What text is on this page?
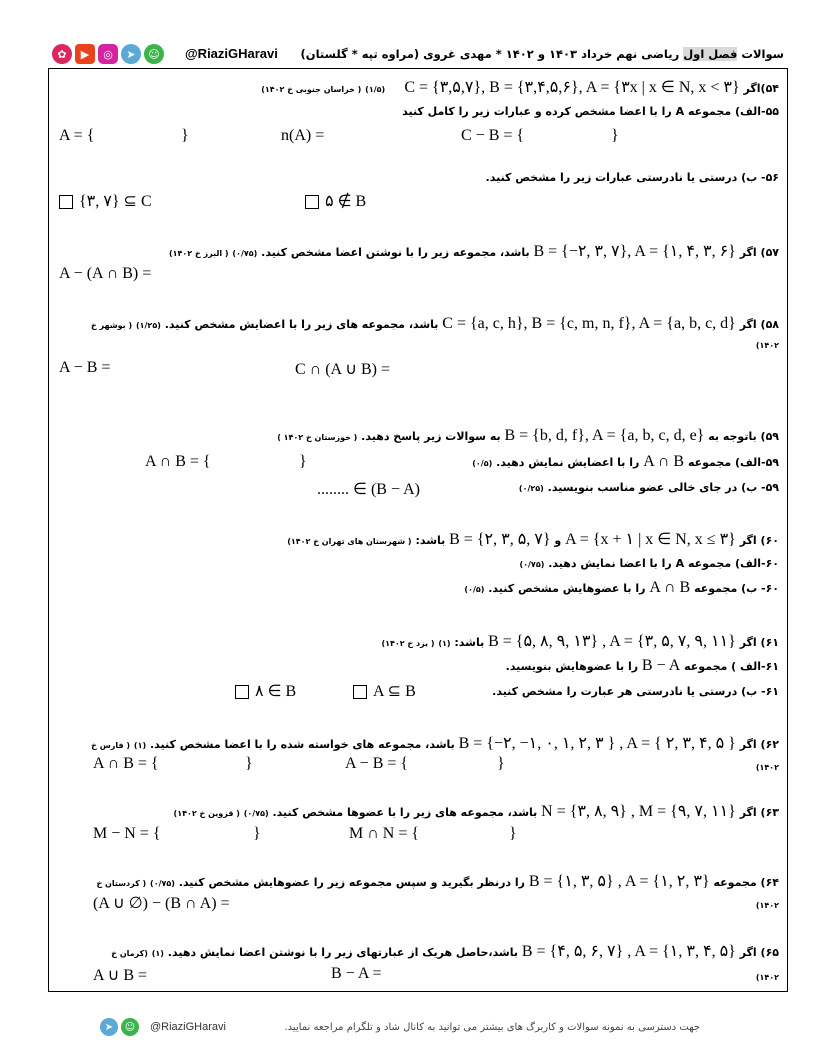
✿	▶	◎	➤	☺	@RiaziGHaravi	سوالات فصل اول ریاضی نهم خرداد ۱۴۰۳ و ۱۴۰۲ * مهدی غروی (مراوه تپه * گلستان)
۵۴)اگر C = {۳,۵,۷}, B = {۳,۴,۵,۶}, A = {۳x | x ∈ N, x < ۳}     (۱/۵) ( خراسان جنوبی خ ۱۴۰۲)
۵۵-الف) مجموعه A را با اعضا مشخص کرده و عبارات زیر را کامل کنید
A = {	}	n(A) =	C − B = {	}
۵۶- ب) درستی یا نادرستی عبارات زیر را مشخص کنید.
{۳, ۷} ⊆ C	۵ ∉ B
۵۷) اگر B = {−۲, ۳, ۷}, A = {۱, ۴, ۳, ۶} باشد، مجموعه زیر را با نوشتن اعضا مشخص کنید. (۰/۷۵) ( البرز خ ۱۴۰۲)
A − (A ∩ B) =
۵۸) اگر C = {a, c, h}, B = {c, m, n, f}, A = {a, b, c, d} باشد، مجموعه های زیر را با اعضایش مشخص کنید. (۱/۲۵) ( بوشهر خ
۱۴۰۲)
A − B =	C ∩ (A ∪ B) =
۵۹) باتوجه به B = {b, d, f}, A = {a, b, c, d, e} به سوالات زیر پاسخ دهید. ( خوزستان خ ۱۴۰۲ )
۵۹-الف) مجموعه A ∩ B را با اعضایش نمایش دهید. (۰/۵)
A ∩ B = {	}
۵۹- ب) در جای خالی عضو مناسب بنویسید. (۰/۲۵)
........ ∈ (B − A)
۶۰) اگر A = {x + ۱ | x ∈ N, x ≤ ۳} و B = {۲, ۳, ۵, ۷} باشد: ( شهرستان های تهران خ ۱۴۰۲)
۶۰-الف) مجموعه A را با اعضا نمایش دهید. (۰/۷۵)
۶۰- ب) مجموعه A ∩ B را با عضوهایش مشخص کنید. (۰/۵)
۶۱) اگر B = {۵, ۸, ۹, ۱۳} , A = {۳, ۵, ۷, ۹, ۱۱} باشد: (۱) ( یزد خ ۱۴۰۲)
۶۱-الف ) مجموعه B − A را با عضوهایش بنویسید.
۶۱- ب) درستی یا نادرستی هر عبارت را مشخص کنید.
A ⊆ B
۸ ∈ B
۶۲) اگر B = {−۲, −۱, ۰, ۱, ۲, ۳ } , A = { ۲, ۳, ۴, ۵ } باشد، مجموعه های خواسته شده را با اعضا مشخص کنید. (۱) ( فارس خ
A ∩ B = {	}	A − B = {	}	۱۴۰۲)
۶۳) اگر N = {۳, ۸, ۹} , M = {۹, ۷, ۱۱} باشد، مجموعه های زیر را با عضوها مشخص کنید. (۰/۷۵) ( قزوین خ ۱۴۰۲)
M − N = {	}	M ∩ N = {	}
۶۴) مجموعه B = {۱, ۳, ۵} , A = {۱, ۲, ۳} را درنظر بگیرید و سپس مجموعه زیر را عضوهایش مشخص کنید. (۰/۷۵) ( کردستان خ
(A ∪ ∅) − (B ∩ A) =	۱۴۰۲)
۶۵) اگر B = {۴, ۵, ۶, ۷} , A = {۱, ۳, ۴, ۵} باشد،حاصل هریک از عبارتهای زیر را با نوشتن اعضا نمایش دهید. (۱) (کرمان خ
A ∪ B =	B − A =	۱۴۰۲)
➤	☺	@RiaziGHaravi	جهت دسترسی به نمونه سوالات و کاربرگ های بیشتر می توانید به کانال شاد و تلگرام مراجعه نمایید.
